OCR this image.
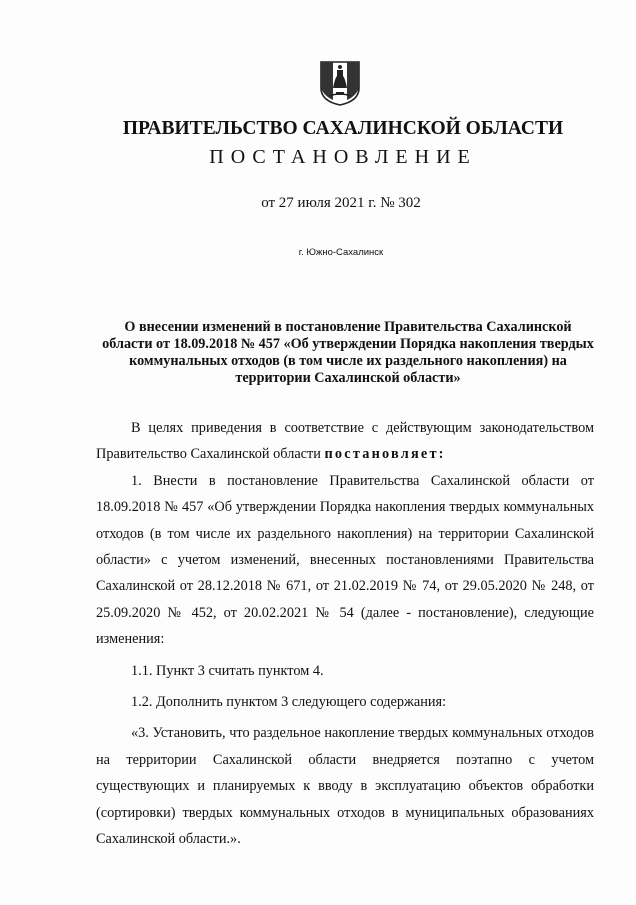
ПРАВИТЕЛЬСТВО САХАЛИНСКОЙ ОБЛАСТИ
ПОСТАНОВЛЕНИЕ
от 27 июля 2021 г. № 302
г. Южно-Сахалинск
О внесении изменений в постановление Правительства Сахалинской области от 18.09.2018 № 457 «Об утверждении Порядка накопления твердых коммунальных отходов (в том числе их раздельного накопления) на территории Сахалинской области»

В целях приведения в соответствие с действующим законодательством Правительство Сахалинской области постановляет:

1. Внести в постановление Правительства Сахалинской области от 18.09.2018 № 457 «Об утверждении Порядка накопления твердых коммунальных отходов (в том числе их раздельного накопления) на территории Сахалинской области» с учетом изменений, внесенных постановлениями Правительства Сахалинской от 28.12.2018 № 671, от 21.02.2019 № 74, от 29.05.2020 № 248, от 25.09.2020 № 452, от 20.02.2021 № 54 (далее - постановление), следующие изменения:

1.1. Пункт 3 считать пунктом 4.

1.2. Дополнить пунктом 3 следующего содержания:

«3. Установить, что раздельное накопление твердых коммунальных отходов на территории Сахалинской области внедряется поэтапно с учетом существующих и планируемых к вводу в эксплуатацию объектов обработки (сортировки) твердых коммунальных отходов в муниципальных образованиях Сахалинской области.».
